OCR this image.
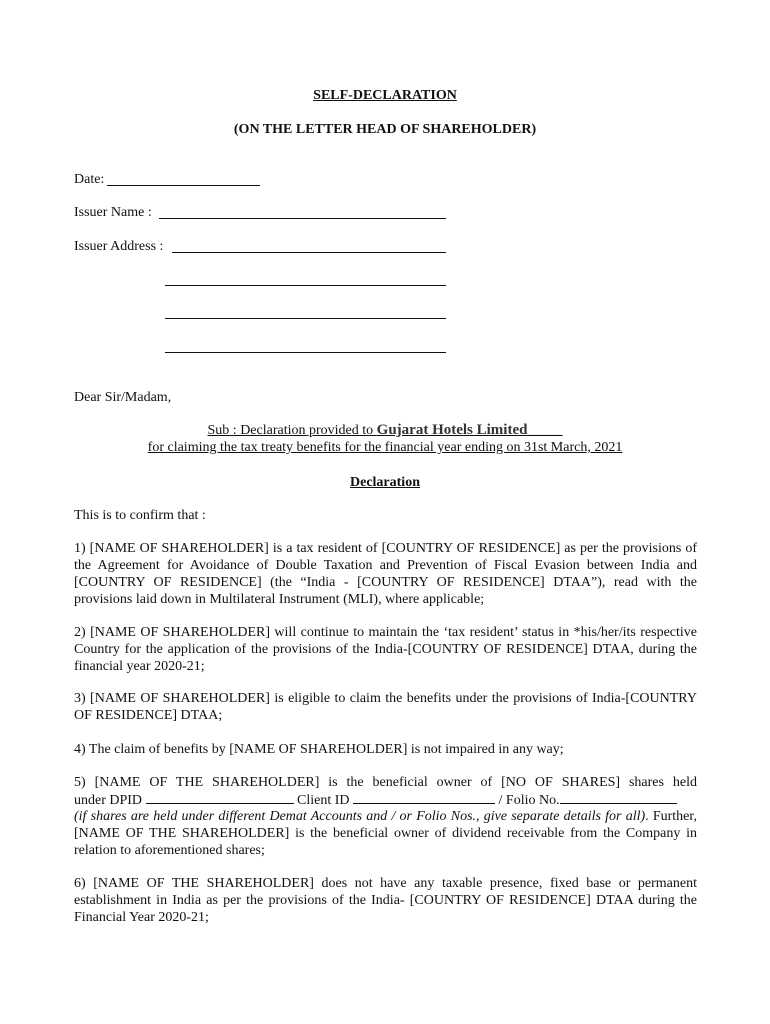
SELF-DECLARATION
(ON THE LETTER HEAD OF SHAREHOLDER)
Date:
Issuer Name :
Issuer Address :
Dear Sir/Madam,
Sub : Declaration provided to Gujarat Hotels Limited_____
for claiming the tax treaty benefits for the financial year ending on 31st March, 2021
Declaration
This is to confirm that :
1) [NAME OF SHAREHOLDER] is a tax resident of [COUNTRY OF RESIDENCE] as per the provisions of the Agreement for Avoidance of Double Taxation and Prevention of Fiscal Evasion between India and [COUNTRY OF RESIDENCE] (the “India - [COUNTRY OF RESIDENCE] DTAA”), read with the provisions laid down in Multilateral Instrument (MLI), where applicable;
2) [NAME OF SHAREHOLDER] will continue to maintain the ‘tax resident’ status in *his/her/its respective Country for the application of the provisions of the India-[COUNTRY OF RESIDENCE] DTAA, during the financial year 2020-21;
3) [NAME OF SHAREHOLDER] is eligible to claim the benefits under the provisions of India-[COUNTRY OF RESIDENCE] DTAA;
4) The claim of benefits by [NAME OF SHAREHOLDER] is not impaired in any way;
5) [NAME OF THE SHAREHOLDER] is the beneficial owner of [NO OF SHARES] shares held
under DPID	Client ID	/ Folio No.
(if shares are held under different Demat Accounts and / or Folio Nos., give separate details for all). Further, [NAME OF THE SHAREHOLDER] is the beneficial owner of dividend receivable from the Company in relation to aforementioned shares;
6) [NAME OF THE SHAREHOLDER] does not have any taxable presence, fixed base or permanent establishment in India as per the provisions of the India- [COUNTRY OF RESIDENCE] DTAA during the Financial Year 2020-21;
